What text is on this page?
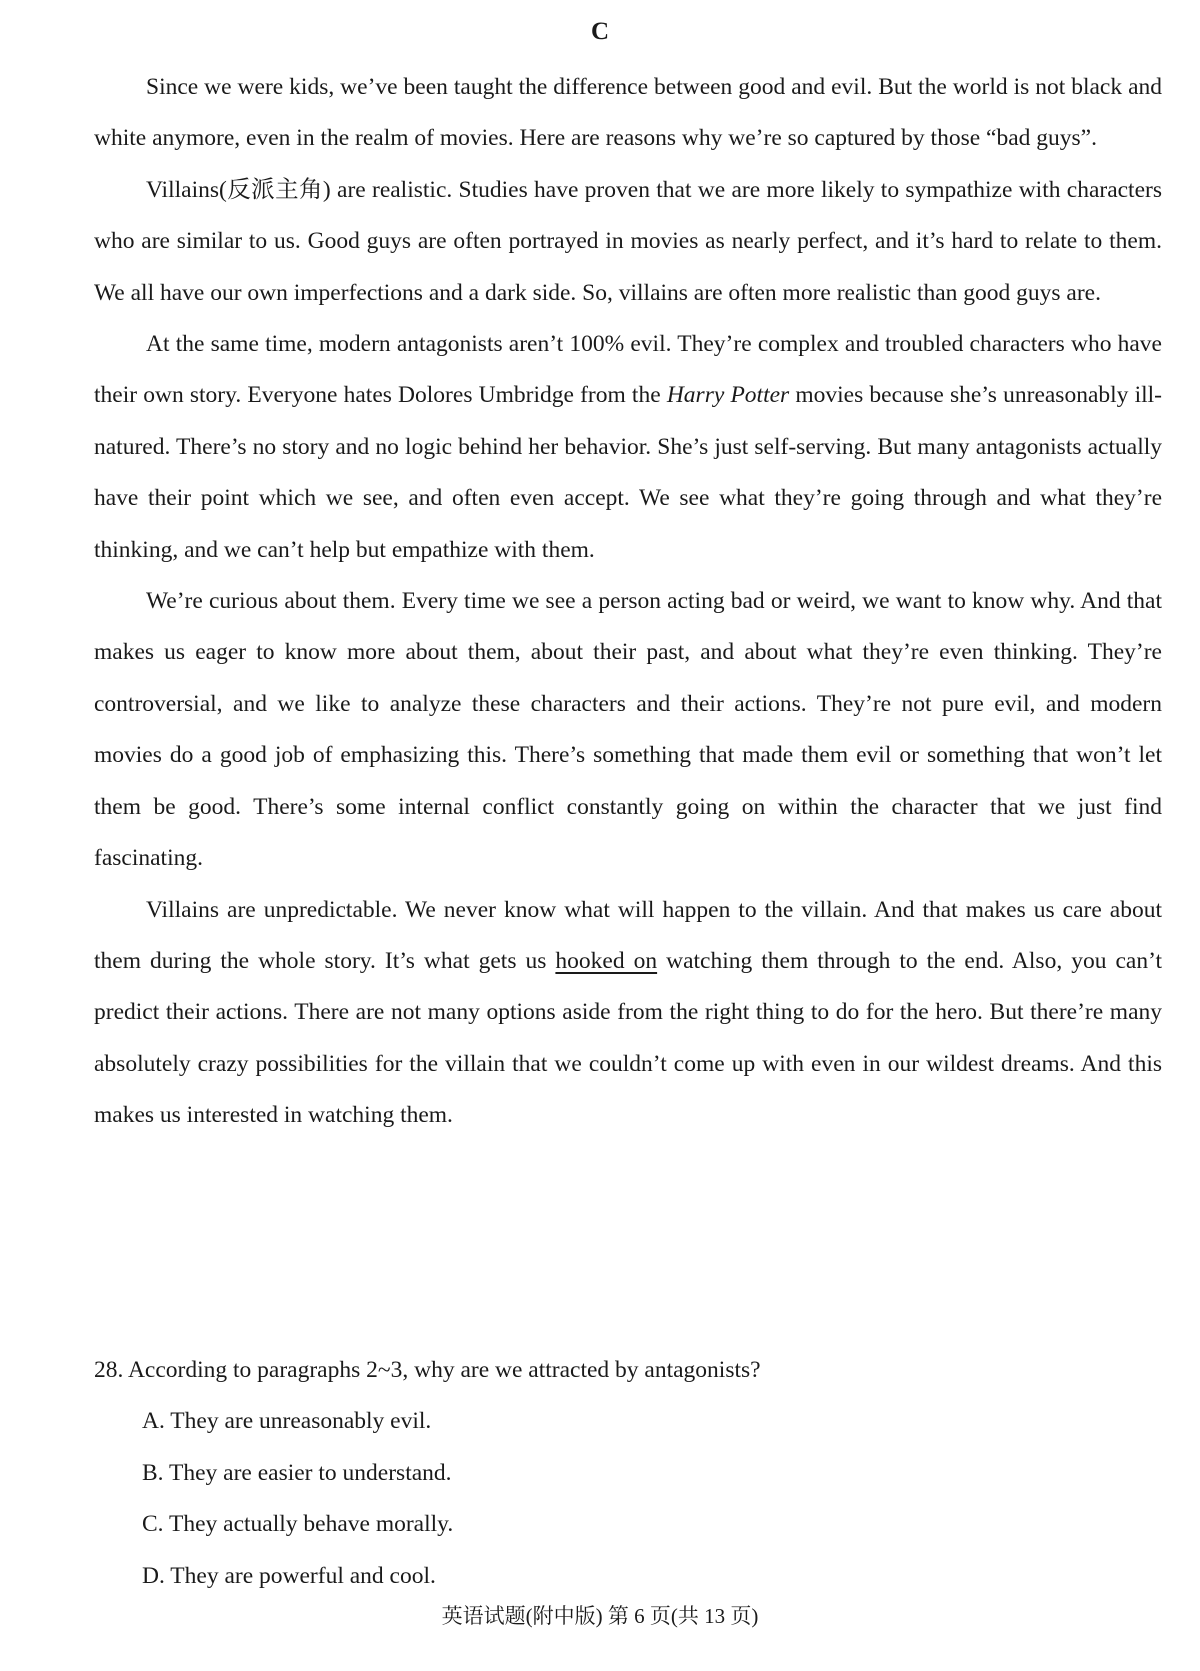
C

Since we were kids, we’ve been taught the difference between good and evil. But the world is not black and white anymore, even in the realm of movies. Here are reasons why we’re so captured by those “bad guys”.

Villains(反派主角) are realistic. Studies have proven that we are more likely to sympathize with characters who are similar to us. Good guys are often portrayed in movies as nearly perfect, and it’s hard to relate to them. We all have our own imperfections and a dark side. So, villains are often more realistic than good guys are.

At the same time, modern antagonists aren’t 100% evil. They’re complex and troubled characters who have their own story. Everyone hates Dolores Umbridge from the Harry Potter movies because she’s unreasonably ill-natured. There’s no story and no logic behind her behavior. She’s just self-serving. But many antagonists actually have their point which we see, and often even accept. We see what they’re going through and what they’re thinking, and we can’t help but empathize with them.

We’re curious about them. Every time we see a person acting bad or weird, we want to know why. And that makes us eager to know more about them, about their past, and about what they’re even thinking. They’re controversial, and we like to analyze these characters and their actions. They’re not pure evil, and modern movies do a good job of emphasizing this. There’s something that made them evil or something that won’t let them be good. There’s some internal conflict constantly going on within the character that we just find fascinating.

Villains are unpredictable. We never know what will happen to the villain. And that makes us care about them during the whole story. It’s what gets us hooked on watching them through to the end. Also, you can’t predict their actions. There are not many options aside from the right thing to do for the hero. But there’re many absolutely crazy possibilities for the villain that we couldn’t come up with even in our wildest dreams. And this makes us interested in watching them.

28. According to paragraphs 2~3, why are we attracted by antagonists?

A. They are unreasonably evil.
B. They are easier to understand.
C. They actually behave morally.
D. They are powerful and cool.
英语试题(附中版) 第 6 页(共 13 页)
